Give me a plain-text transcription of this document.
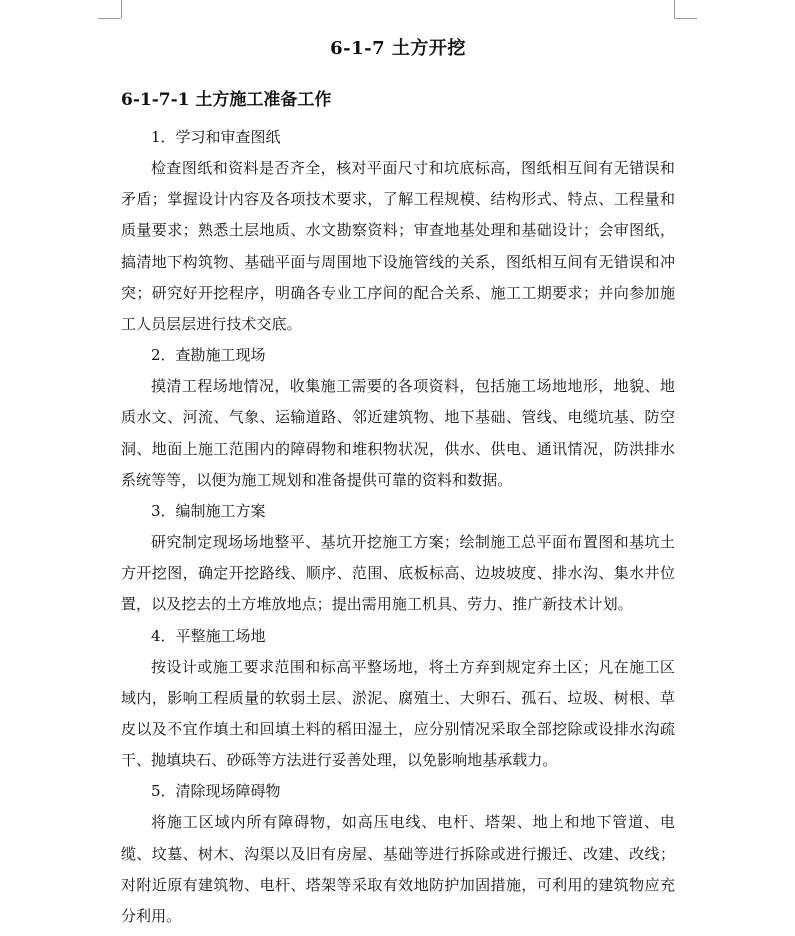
6-1-7 土方开挖
6-1-7-1 土方施工准备工作
1．学习和审查图纸

检查图纸和资料是否齐全，核对平面尺寸和坑底标高，图纸相互间有无错误和矛盾；掌握设计内容及各项技术要求，了解工程规模、结构形式、特点、工程量和质量要求；熟悉土层地质、水文勘察资料；审查地基处理和基础设计；会审图纸，搞清地下构筑物、基础平面与周围地下设施管线的关系，图纸相互间有无错误和冲突；研究好开挖程序，明确各专业工序间的配合关系、施工工期要求；并向参加施工人员层层进行技术交底。

2．查勘施工现场

摸清工程场地情况，收集施工需要的各项资料，包括施工场地地形，地貌、地质水文、河流、气象、运输道路、邻近建筑物、地下基础、管线、电缆坑基、防空洞、地面上施工范围内的障碍物和堆积物状况，供水、供电、通讯情况，防洪排水系统等等，以便为施工规划和准备提供可靠的资料和数据。

3．编制施工方案

研究制定现场场地整平、基坑开挖施工方案；绘制施工总平面布置图和基坑土方开挖图，确定开挖路线、顺序、范围、底板标高、边坡坡度、排水沟、集水井位置，以及挖去的土方堆放地点；提出需用施工机具、劳力、推广新技术计划。

4．平整施工场地

按设计或施工要求范围和标高平整场地，将土方弃到规定弃土区；凡在施工区域内，影响工程质量的软弱土层、淤泥、腐殖土、大卵石、孤石、垃圾、树根、草皮以及不宜作填土和回填土料的稻田湿土，应分别情况采取全部挖除或设排水沟疏干、抛填块石、砂砾等方法进行妥善处理，以免影响地基承载力。

5．清除现场障碍物

将施工区域内所有障碍物，如高压电线、电杆、塔架、地上和地下管道、电缆、坟墓、树木、沟渠以及旧有房屋、基础等进行拆除或进行搬迁、改建、改线；对附近原有建筑物、电杆、塔架等采取有效地防护加固措施，可利用的建筑物应充分利用。
